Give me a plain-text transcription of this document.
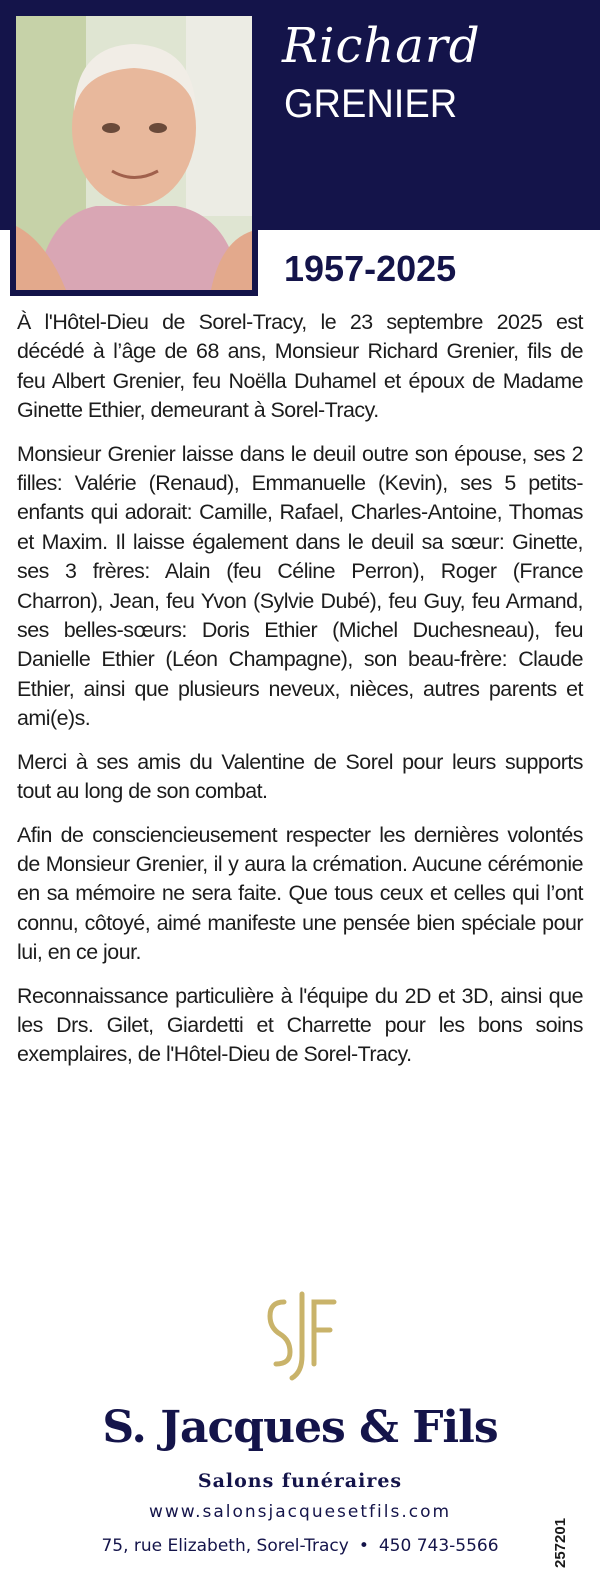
Richard
GRENIER
1957-2025

À l'Hôtel-Dieu de Sorel-Tracy, le 23 septembre 2025 est décédé à l’âge de 68 ans, Monsieur Richard Grenier, fils de feu Albert Grenier, feu Noëlla Duhamel et époux de Madame Ginette Ethier, demeurant à Sorel-Tracy.

Monsieur Grenier laisse dans le deuil outre son épouse, ses 2 filles: Valérie (Renaud), Emmanuelle (Kevin), ses 5 petits-enfants qui adorait: Camille, Rafael, Charles-Antoine, Thomas et Maxim. Il laisse également dans le deuil sa sœur: Ginette, ses 3 frères: Alain (feu Céline Perron), Roger (France Charron), Jean, feu Yvon (Sylvie Dubé), feu Guy, feu Armand, ses belles-sœurs: Doris Ethier (Michel Duchesneau), feu Danielle Ethier (Léon Champagne), son beau-frère: Claude Ethier, ainsi que plusieurs neveux, nièces, autres parents et ami(e)s.

Merci à ses amis du Valentine de Sorel pour leurs supports tout au long de son combat.

Afin de consciencieusement respecter les dernières volontés de Monsieur Grenier, il y aura la crémation. Aucune cérémonie en sa mémoire ne sera faite. Que tous ceux et celles qui l’ont connu, côtoyé, aimé manifeste une pensée bien spéciale pour lui, en ce jour.

Reconnaissance particulière à l'équipe du 2D et 3D, ainsi que les Drs. Gilet, Giardetti et Charrette pour les bons soins exemplaires, de l'Hôtel-Dieu de Sorel-Tracy.

S. Jacques & Fils
Salons funéraires
www.salonsjacquesetfils.com
75, rue Elizabeth, Sorel-Tracy • 450 743-5566	257201
